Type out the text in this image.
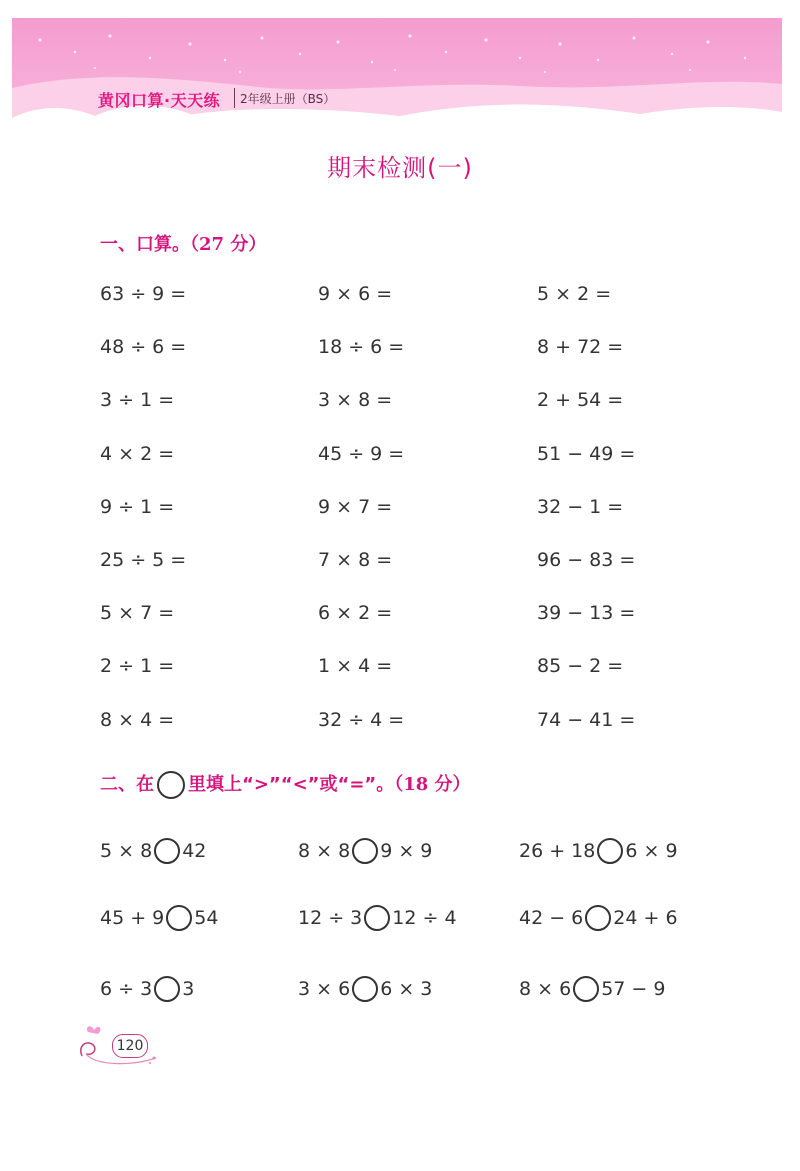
黄冈口算·天天练 2年级上册（BS）
期末检测(一)
一、口算。（27 分）
63 ÷ 9 =	9 × 6 =	5 × 2 =
48 ÷ 6 =	18 ÷ 6 =	8 + 72 =
3 ÷ 1 =	3 × 8 =	2 + 54 =
4 × 2 =	45 ÷ 9 =	51 − 49 =
9 ÷ 1 =	9 × 7 =	32 − 1 =
25 ÷ 5 =	7 × 8 =	96 − 83 =
5 × 7 =	6 × 2 =	39 − 13 =
2 ÷ 1 =	1 × 4 =	85 − 2 =
8 × 4 =	32 ÷ 4 =	74 − 41 =
二、在 里填上“>”“<”或“=”。（18 分）
5 × 8 42	8 × 8 9 × 9	26 + 18 6 × 9
45 + 9 54	12 ÷ 3 12 ÷ 4	42 − 6 24 + 6
6 ÷ 3 3	3 × 6 6 × 3	8 × 6 57 − 9
120
